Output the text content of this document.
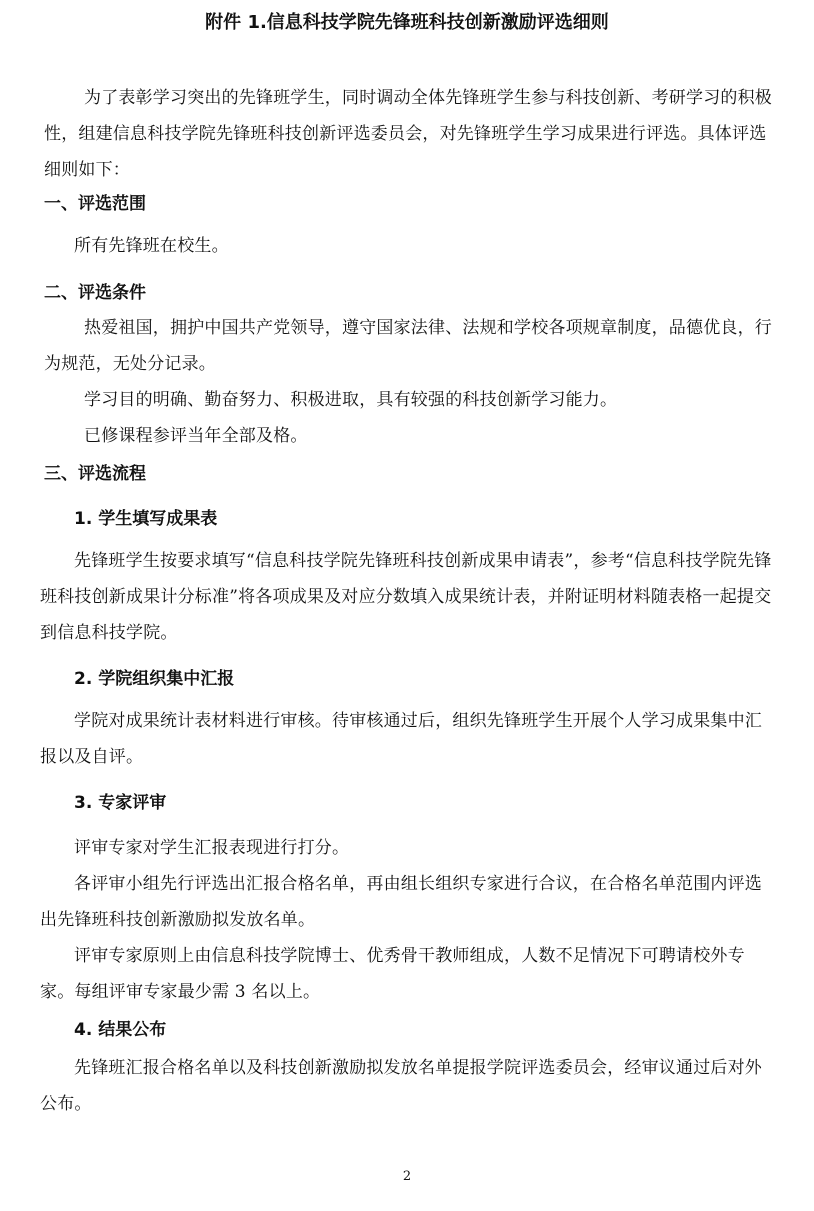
附件 1.信息科技学院先锋班科技创新激励评选细则

为了表彰学习突出的先锋班学生，同时调动全体先锋班学生参与科技创新、考研学习的积极性，组建信息科技学院先锋班科技创新评选委员会，对先锋班学生学习成果进行评选。具体评选细则如下：

一、评选范围

所有先锋班在校生。

二、评选条件

热爱祖国，拥护中国共产党领导，遵守国家法律、法规和学校各项规章制度，品德优良，行为规范，无处分记录。

学习目的明确、勤奋努力、积极进取，具有较强的科技创新学习能力。

已修课程参评当年全部及格。

三、评选流程
1. 学生填写成果表

先锋班学生按要求填写“信息科技学院先锋班科技创新成果申请表”，参考“信息科技学院先锋班科技创新成果计分标准”将各项成果及对应分数填入成果统计表，并附证明材料随表格一起提交到信息科技学院。

2. 学院组织集中汇报

学院对成果统计表材料进行审核。待审核通过后，组织先锋班学生开展个人学习成果集中汇报以及自评。

3. 专家评审

评审专家对学生汇报表现进行打分。

各评审小组先行评选出汇报合格名单，再由组长组织专家进行合议，在合格名单范围内评选出先锋班科技创新激励拟发放名单。

评审专家原则上由信息科技学院博士、优秀骨干教师组成，人数不足情况下可聘请校外专家。每组评审专家最少需 3 名以上。

4. 结果公布

先锋班汇报合格名单以及科技创新激励拟发放名单提报学院评选委员会，经审议通过后对外公布。

2
